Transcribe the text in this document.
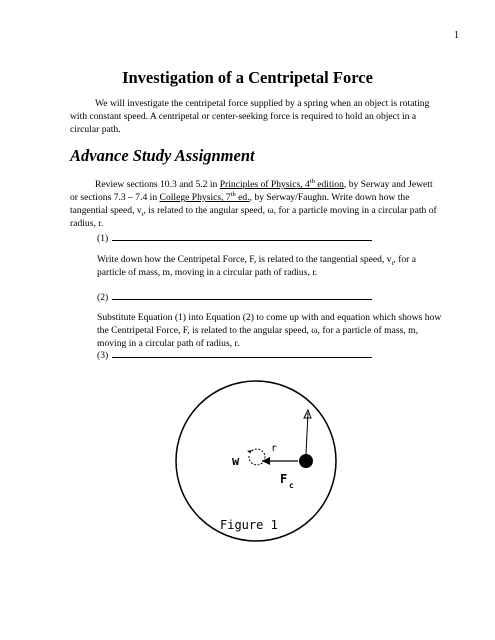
1
Investigation of a Centripetal Force

We will investigate the centripetal force supplied by a spring when an object is rotating with constant speed. A centripetal or center-seeking force is required to hold an object in a circular path.

Advance Study Assignment

Review sections 10.3 and 5.2 in Principles of Physics, 4th edition, by Serway and Jewett or sections 7.3 – 7.4 in College Physics, 7th ed., by Serway/Faughn. Write down how the tangential speed, $v_t$, is related to the angular speed, ω, for a particle moving in a circular path of radius, r.

(1)

Write down how the Centripetal Force, F, is related to the tangential speed, $v_t$, for a particle of mass, m, moving in a circular path of radius, r.

(2)

Substitute Equation (1) into Equation (2) to come up with and equation which shows how the Centripetal Force, F, is related to the angular speed, ω, for a particle of mass, m, moving in a circular path of radius, r.

(3)
w
r
F c
Figure 1
